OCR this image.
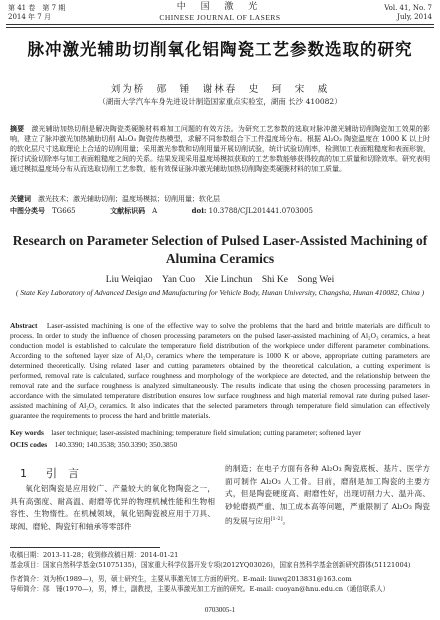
第 41 卷　第 7 期
2014 年 7 月
中 国 激 光
CHINESE JOURNAL OF LASERS
Vol. 41, No. 7
July, 2014
脉冲激光辅助切削氧化铝陶瓷工艺参数选取的研究
刘为桥　郧　锤　谢林春　史　珂　宋　威
（湖南大学汽车车身先进设计制造国家重点实验室，湖南 长沙 410082）
摘要　 激光辅助加热切削是解决陶瓷类硬脆材料难加工问题的有效方法。为研究工艺参数的选取对脉冲激光辅助切削陶瓷加工效果的影响，建立了脉冲激光加热辅助切削 Al₂O₃ 陶瓷传热模型，求解不同参数组合下工件温度场分布。根据 Al₂O₃ 陶瓷温度在 1000 K 以上时的软化层尺寸选取理论上合适的切削用量；采用激光参数和切削用量开展切削试验，统计试验切削率，检测加工表面粗糙度和表面形貌，探讨试验切除率与加工表面粗糙度之间的关系。结果发现采用温度场模拟获取的工艺参数能够获得较高的加工质量和切除效率。研究表明通过模拟温度场分布从而选取切削工艺参数，能有效保证脉冲激光辅助加热切削陶瓷类硬脆材料的加工质量。
关键词　 激光技术；激光辅助切削；温度场模拟；切削用量；软化层
中图分类号　 TG665	文献标识码　 A	doi: 10.3788/CJL201441.0703005
Research on Parameter Selection of Pulsed Laser-Assisted Machining of Alumina Ceramics
Liu Weiqiao　Yan Cuo　Xie Linchun　Shi Ke　Song Wei
( State Key Laboratory of Advanced Design and Manufacturing for Vehicle Body, Hunan University, Changsha, Hunan 410082, China )
Abstract　 Laser-assisted machining is one of the effective way to solve the problems that the hard and brittle materials are difficult to process. In order to study the influence of chosen processing parameters on the pulsed laser-assisted machining of Al₂O₃ ceramics, a heat conduction model is established to calculate the temperature field distribution of the workpiece under different parameter combinations. According to the softened layer size of Al₂O₃ ceramics where the temperature is 1000 K or above, appropriate cutting parameters are determined theoretically. Using related laser and cutting parameters obtained by the theoretical calculation, a cutting experiment is performed, removal rate is calculated, surface roughness and morphology of the workpiece are detected, and the relationship between the removal rate and the surface roughness is analyzed simultaneously. The results indicate that using the chosen processing parameters in accordance with the simulated temperature distribution ensures low surface roughness and high material removal rate during pulsed laser-assisted machining of Al₂O₃ ceramics. It also indicates that the selected parameters through temperature field simulation can effectively guarantee the requirements to process the hard and brittle materials.
Key words　 laser technique; laser-assisted machining; temperature field simulation; cutting parameter; softened layer
OCIS codes　 140.3390; 140.3538; 350.3390; 350.3850
1 引　言
氧化铝陶瓷是应用较广、产量较大的氧化物陶瓷之一，具有高强度、耐高温、耐磨等优异的物理机械性能和生物相容性、生物惰性。在机械领域，氧化铝陶瓷被应用于刀具、球阀、磨轮、陶瓷钉和轴承等零部件
的制造；在电子方面有各种 Al₂O₃ 陶瓷底板、基片、医学方面可制作 Al₂O₃ 人工骨。目前，磨削是加工陶瓷的主要方式，但是陶瓷硬度高、耐磨性好，出现切削力大、温升高、砂轮磨损严重、加工成本高等问题，严重限制了 Al₂O₃ 陶瓷的发展与应用[1-2]。
收稿日期：2013-11-28；收到修改稿日期：2014-01-21
基金项目：国家自然科学基金(51075135)，国家重大科学仪器开发专项(2012YQ03026)，国家自然科学基金创新研究群体(51121004)
作者简介：刘为桥(1989—)，男，硕士研究生，主要从事激光加工方面的研究。E-mail: liuwq2013831@163.com
导师简介：郧　锤(1970—)，男，博士，副教授，主要从事激光加工方面的研究。E-mail: cuoyan@hnu.edu.cn（通信联系人）
0703005-1
